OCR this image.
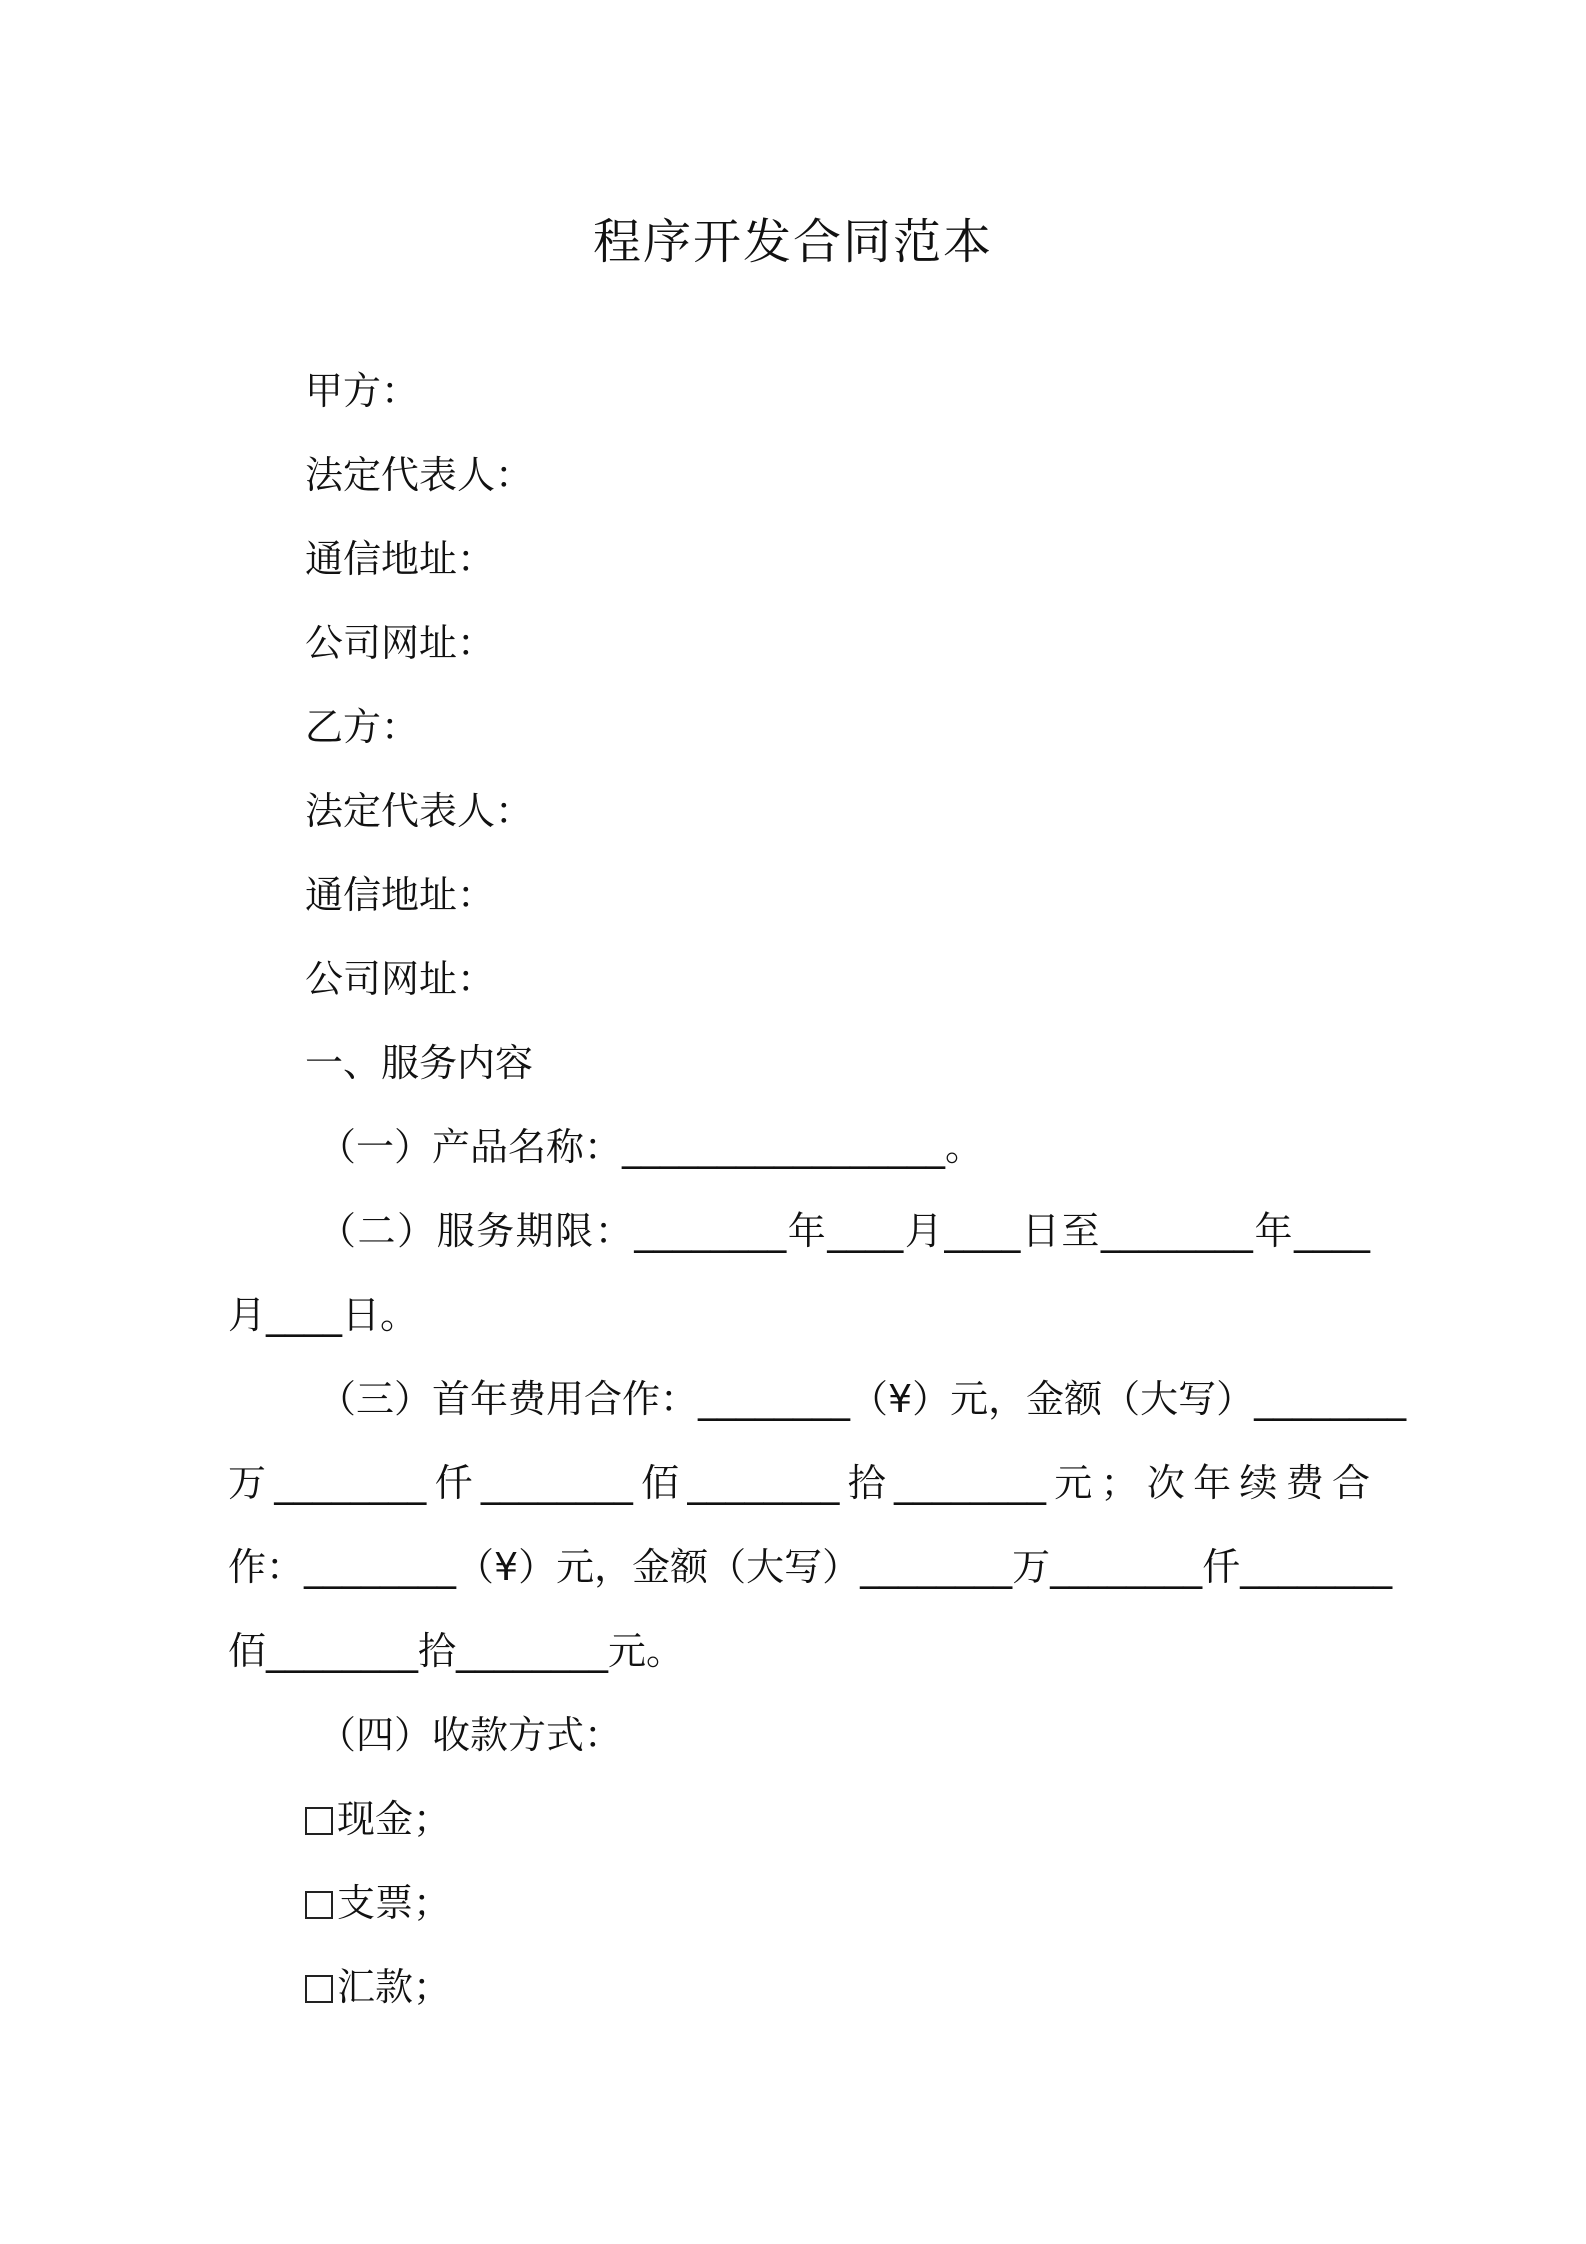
程序开发合同范本
甲方：
法定代表人：
通信地址：
公司网址：
乙方：
法定代表人：
通信地址：
公司网址：
一、服务内容
（一）产品名称：_________________。
（二）服务期限：________年____月____日至________年____
月____日。
（三）首年费用合作：________（¥）元，金额（大写）________
万________仟________佰________拾________元；次年续费合
作：________（¥）元，金额（大写）________万________仟________
佰________拾________元。
（四）收款方式：
现金；
支票；
汇款；
